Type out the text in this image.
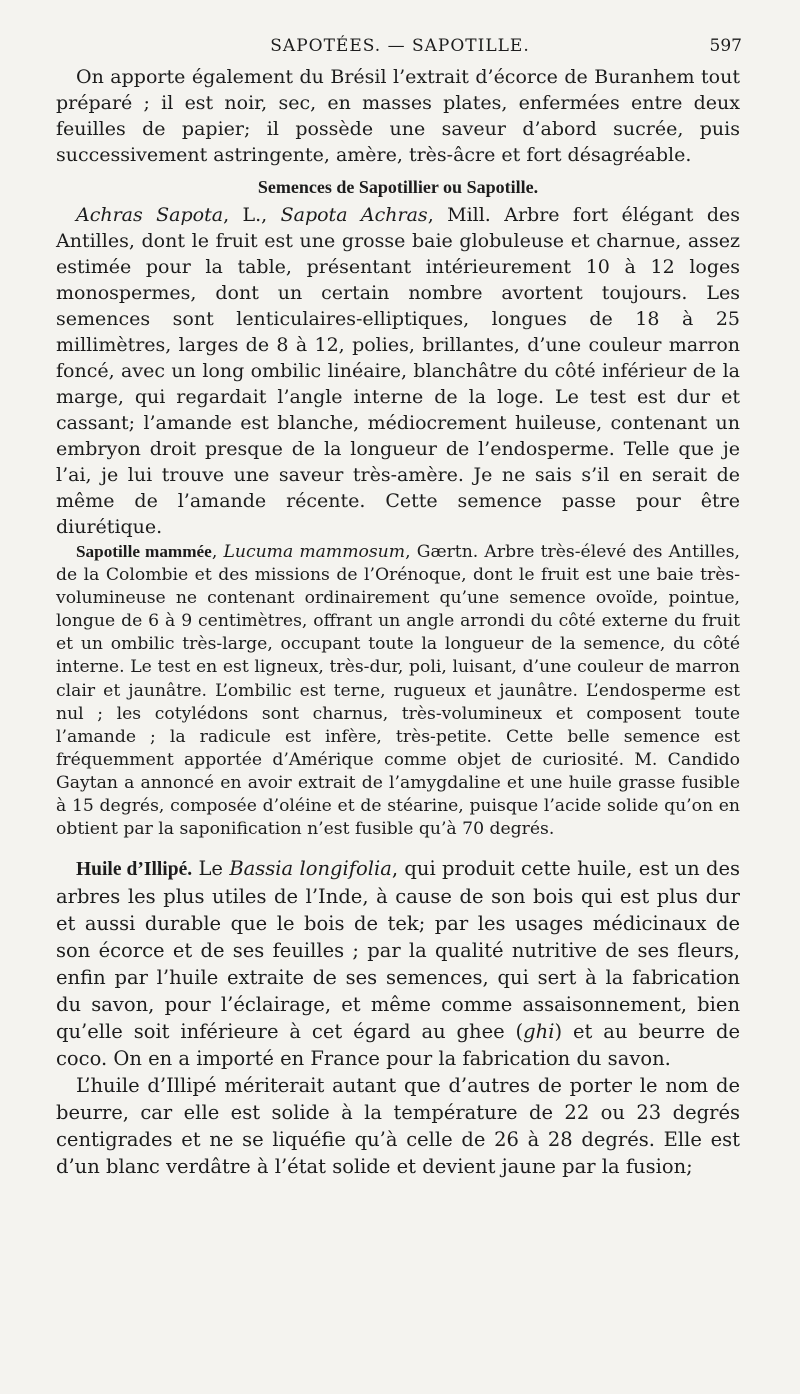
SAPOTÉES. — SAPOTILLE.	597

On apporte également du Brésil l’extrait d’écorce de Buranhem tout préparé ; il est noir, sec, en masses plates, enfermées entre deux feuilles de papier; il possède une saveur d’abord sucrée, puis successivement astringente, amère, très-âcre et fort désagréable.

Semences de Sapotillier ou Sapotille.

Achras Sapota, L., Sapota Achras, Mill. Arbre fort élégant des Antilles, dont le fruit est une grosse baie globuleuse et charnue, assez estimée pour la table, présentant intérieurement 10 à 12 loges monospermes, dont un certain nombre avortent toujours. Les semences sont lenticulaires-elliptiques, longues de 18 à 25 millimètres, larges de 8 à 12, polies, brillantes, d’une couleur marron foncé, avec un long ombilic linéaire, blanchâtre du côté inférieur de la marge, qui regardait l’angle interne de la loge. Le test est dur et cassant; l’amande est blanche, médiocrement huileuse, contenant un embryon droit presque de la longueur de l’endosperme. Telle que je l’ai, je lui trouve une saveur très-amère. Je ne sais s’il en serait de même de l’amande récente. Cette semence passe pour être diurétique.

Sapotille mammée, Lucuma mammosum, Gærtn. Arbre très-élevé des Antilles, de la Colombie et des missions de l’Orénoque, dont le fruit est une baie très-volumineuse ne contenant ordinairement qu’une semence ovoïde, pointue, longue de 6 à 9 centimètres, offrant un angle arrondi du côté externe du fruit et un ombilic très-large, occupant toute la longueur de la semence, du côté interne. Le test en est ligneux, très-dur, poli, luisant, d’une couleur de marron clair et jaunâtre. L’ombilic est terne, rugueux et jaunâtre. L’endosperme est nul ; les cotylédons sont charnus, très-volumineux et composent toute l’amande ; la radicule est infère, très-petite. Cette belle semence est fréquemment apportée d’Amérique comme objet de curiosité. M. Candido Gaytan a annoncé en avoir extrait de l’amygdaline et une huile grasse fusible à 15 degrés, composée d’oléine et de stéarine, puisque l’acide solide qu’on en obtient par la saponification n’est fusible qu’à 70 degrés.

Huile d’Illipé. Le Bassia longifolia, qui produit cette huile, est un des arbres les plus utiles de l’Inde, à cause de son bois qui est plus dur et aussi durable que le bois de tek; par les usages médicinaux de son écorce et de ses feuilles ; par la qualité nutritive de ses fleurs, enfin par l’huile extraite de ses semences, qui sert à la fabrication du savon, pour l’éclairage, et même comme assaisonnement, bien qu’elle soit inférieure à cet égard au ghee (ghi) et au beurre de coco. On en a importé en France pour la fabrication du savon.

L’huile d’Illipé mériterait autant que d’autres de porter le nom de beurre, car elle est solide à la température de 22 ou 23 degrés centigrades et ne se liquéfie qu’à celle de 26 à 28 degrés. Elle est d’un blanc verdâtre à l’état solide et devient jaune par la fusion;
